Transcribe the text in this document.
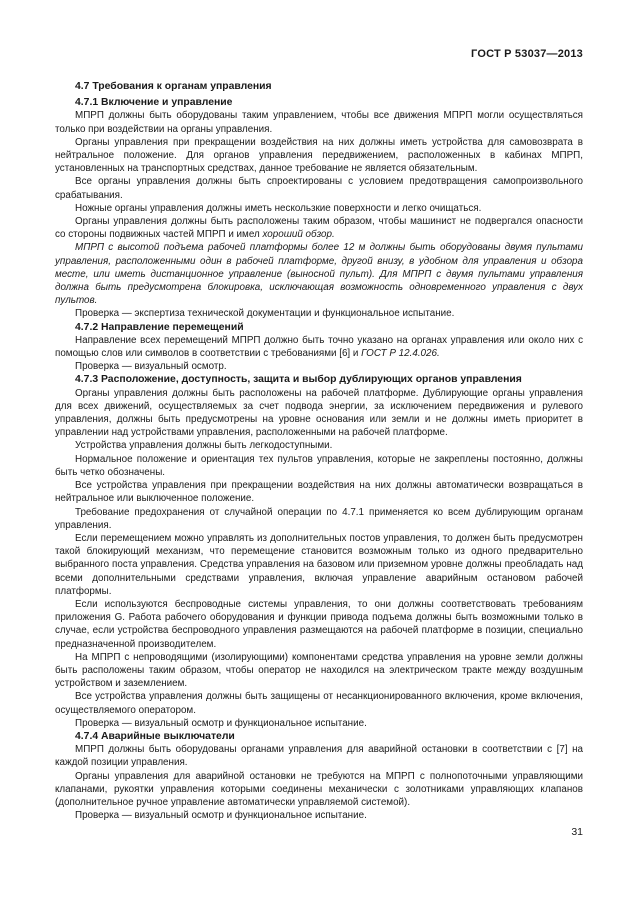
ГОСТ Р 53037—2013
4.7 Требования к органам управления
4.7.1 Включение и управление

МПРП должны быть оборудованы таким управлением, чтобы все движения МПРП могли осуществляться только при воздействии на органы управления.

Органы управления при прекращении воздействия на них должны иметь устройства для самовозврата в нейтральное положение. Для органов управления передвижением, расположенных в кабинах МПРП, установленных на транспортных средствах, данное требование не является обязательным.

Все органы управления должны быть спроектированы с условием предотвращения самопроизвольного срабатывания.

Ножные органы управления должны иметь нескользкие поверхности и легко очищаться.

Органы управления должны быть расположены таким образом, чтобы машинист не подвергался опасности со стороны подвижных частей МПРП и имел хороший обзор.

МПРП с высотой подъема рабочей платформы более 12 м должны быть оборудованы двумя пультами управления, расположенными один в рабочей платформе, другой внизу, в удобном для управления и обзора месте, или иметь дистанционное управление (выносной пульт). Для МПРП с двумя пультами управления должна быть предусмотрена блокировка, исключающая возможность одновременного управления с двух пультов.

Проверка — экспертиза технической документации и функциональное испытание.

4.7.2 Направление перемещений

Направление всех перемещений МПРП должно быть точно указано на органах управления или около них с помощью слов или символов в соответствии с требованиями [6] и ГОСТ Р 12.4.026.

Проверка — визуальный осмотр.

4.7.3 Расположение, доступность, защита и выбор дублирующих органов управления

Органы управления должны быть расположены на рабочей платформе. Дублирующие органы управления для всех движений, осуществляемых за счет подвода энергии, за исключением передвижения и рулевого управления, должны быть предусмотрены на уровне основания или земли и не должны иметь приоритет в управлении над устройствами управления, расположенными на рабочей платформе.

Устройства управления должны быть легкодоступными.

Нормальное положение и ориентация тех пультов управления, которые не закреплены постоянно, должны быть четко обозначены.

Все устройства управления при прекращении воздействия на них должны автоматически возвращаться в нейтральное или выключенное положение.

Требование предохранения от случайной операции по 4.7.1 применяется ко всем дублирующим органам управления.

Если перемещением можно управлять из дополнительных постов управления, то должен быть предусмотрен такой блокирующий механизм, что перемещение становится возможным только из одного предварительно выбранного поста управления. Средства управления на базовом или приземном уровне должны преобладать над всеми дополнительными средствами управления, включая управление аварийным остановом рабочей платформы.

Если используются беспроводные системы управления, то они должны соответствовать требованиям приложения G. Работа рабочего оборудования и функции привода подъема должны быть возможными только в случае, если устройства беспроводного управления размещаются на рабочей платформе в позиции, специально предназначенной производителем.

На МПРП с непроводящими (изолирующими) компонентами средства управления на уровне земли должны быть расположены таким образом, чтобы оператор не находился на электрическом тракте между воздушным устройством и заземлением.

Все устройства управления должны быть защищены от несанкционированного включения, кроме включения, осуществляемого оператором.

Проверка — визуальный осмотр и функциональное испытание.

4.7.4 Аварийные выключатели

МПРП должны быть оборудованы органами управления для аварийной остановки в соответствии с [7] на каждой позиции управления.

Органы управления для аварийной остановки не требуются на МПРП с полнопоточными управляющими клапанами, рукоятки управления которыми соединены механически с золотниками управляющих клапанов (дополнительное ручное управление автоматически управляемой системой).

Проверка — визуальный осмотр и функциональное испытание.

31
